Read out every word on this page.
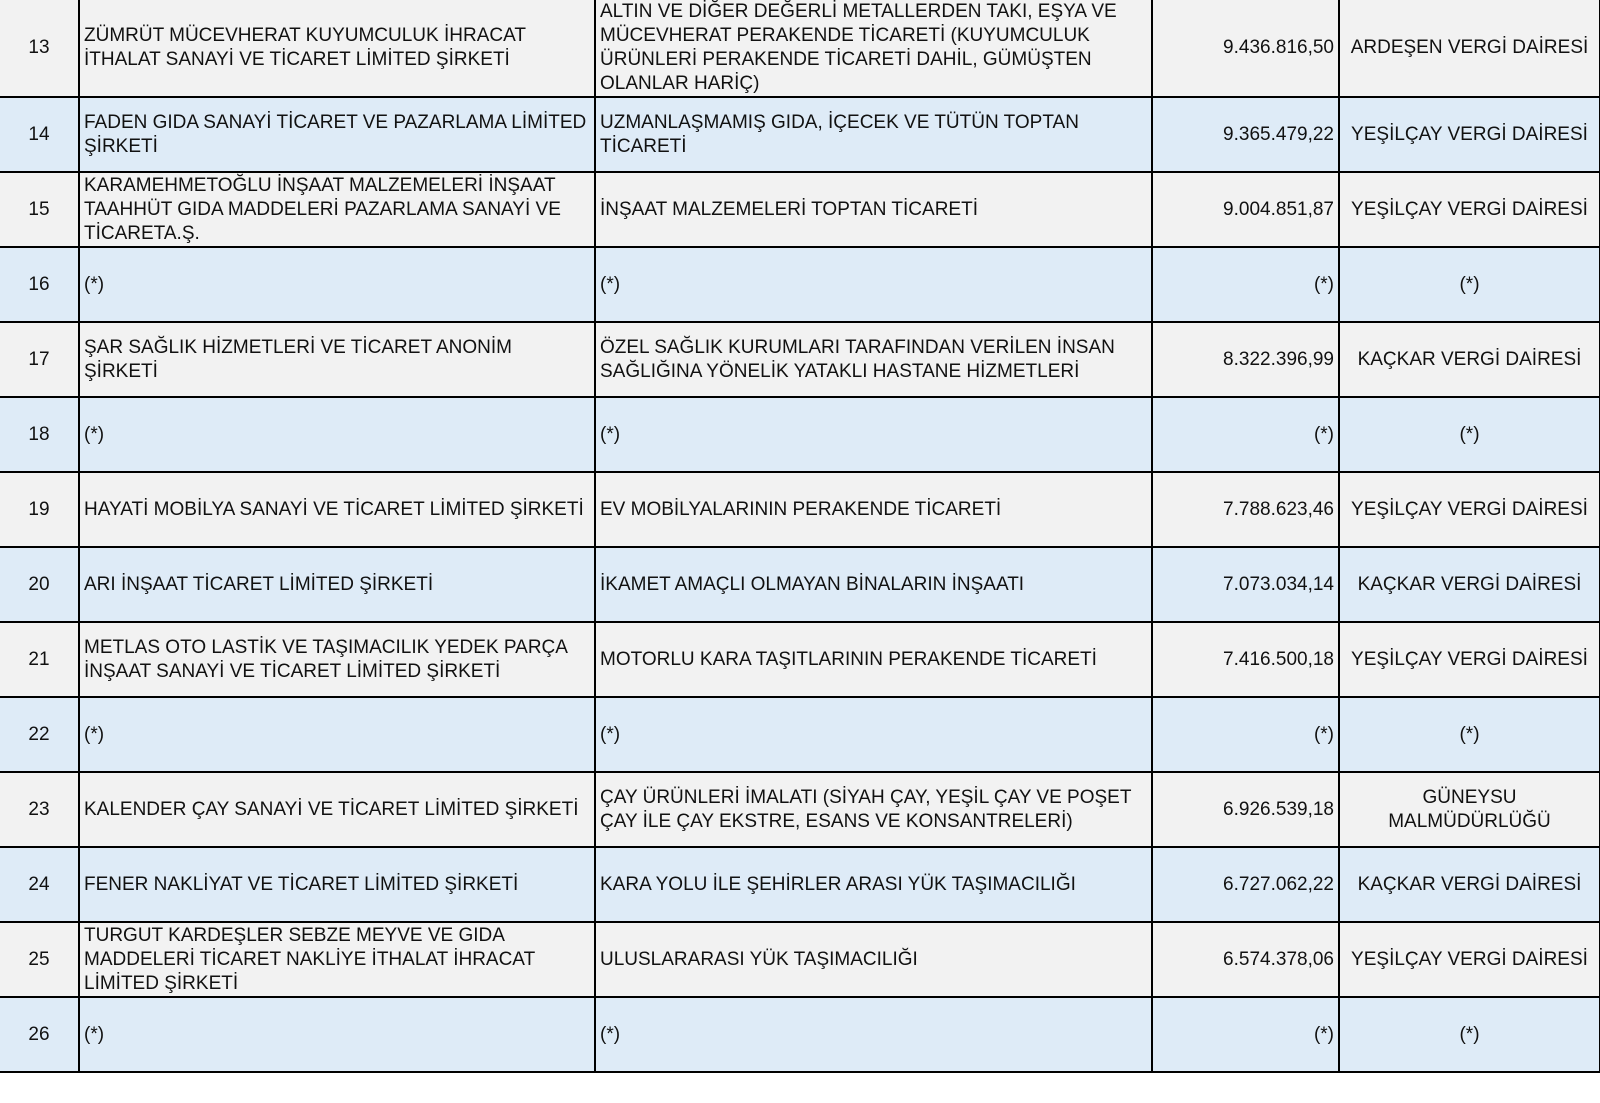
13	ZÜMRÜT MÜCEVHERAT KUYUMCULUK İHRACAT İTHALAT SANAYİ VE TİCARET LİMİTED ŞİRKETİ	ALTIN VE DİĞER DEĞERLİ METALLERDEN TAKI, EŞYA VE MÜCEVHERAT PERAKENDE TİCARETİ (KUYUMCULUK ÜRÜNLERİ PERAKENDE TİCARETİ DAHİL, GÜMÜŞTEN OLANLAR HARİÇ)	9.436.816,50	ARDEŞEN VERGİ DAİRESİ
14	FADEN GIDA SANAYİ TİCARET VE PAZARLAMA LİMİTED ŞİRKETİ	UZMANLAŞMAMIŞ GIDA, İÇECEK VE TÜTÜN TOPTAN TİCARETİ	9.365.479,22	YEŞİLÇAY VERGİ DAİRESİ
15	KARAMEHMETOĞLU İNŞAAT MALZEMELERİ İNŞAAT TAAHHÜT GIDA MADDELERİ PAZARLAMA SANAYİ VE TİCARETA.Ş.	İNŞAAT MALZEMELERİ TOPTAN TİCARETİ	9.004.851,87	YEŞİLÇAY VERGİ DAİRESİ
16	(*)	(*)	(*)	(*)
17	ŞAR SAĞLIK HİZMETLERİ VE TİCARET ANONİM ŞİRKETİ	ÖZEL SAĞLIK KURUMLARI TARAFINDAN VERİLEN İNSAN SAĞLIĞINA YÖNELİK YATAKLI HASTANE HİZMETLERİ	8.322.396,99	KAÇKAR VERGİ DAİRESİ
18	(*)	(*)	(*)	(*)
19	HAYATİ MOBİLYA SANAYİ VE TİCARET LİMİTED ŞİRKETİ	EV MOBİLYALARININ PERAKENDE TİCARETİ	7.788.623,46	YEŞİLÇAY VERGİ DAİRESİ
20	ARI İNŞAAT TİCARET LİMİTED ŞİRKETİ	İKAMET AMAÇLI OLMAYAN BİNALARIN İNŞAATI	7.073.034,14	KAÇKAR VERGİ DAİRESİ
21	METLAS OTO LASTİK VE TAŞIMACILIK YEDEK PARÇA İNŞAAT SANAYİ VE TİCARET LİMİTED ŞİRKETİ	MOTORLU KARA TAŞITLARININ PERAKENDE TİCARETİ	7.416.500,18	YEŞİLÇAY VERGİ DAİRESİ
22	(*)	(*)	(*)	(*)
23	KALENDER ÇAY SANAYİ VE TİCARET LİMİTED ŞİRKETİ	ÇAY ÜRÜNLERİ İMALATI (SİYAH ÇAY, YEŞİL ÇAY VE POŞET ÇAY İLE ÇAY EKSTRE, ESANS VE KONSANTRELERİ)	6.926.539,18	GÜNEYSU MALMÜDÜRLÜĞÜ
24	FENER NAKLİYAT VE TİCARET LİMİTED ŞİRKETİ	KARA YOLU İLE ŞEHİRLER ARASI YÜK TAŞIMACILIĞI	6.727.062,22	KAÇKAR VERGİ DAİRESİ
25	TURGUT KARDEŞLER SEBZE MEYVE VE GIDA MADDELERİ TİCARET NAKLİYE İTHALAT İHRACAT LİMİTED ŞİRKETİ	ULUSLARARASI YÜK TAŞIMACILIĞI	6.574.378,06	YEŞİLÇAY VERGİ DAİRESİ
26	(*)	(*)	(*)	(*)
